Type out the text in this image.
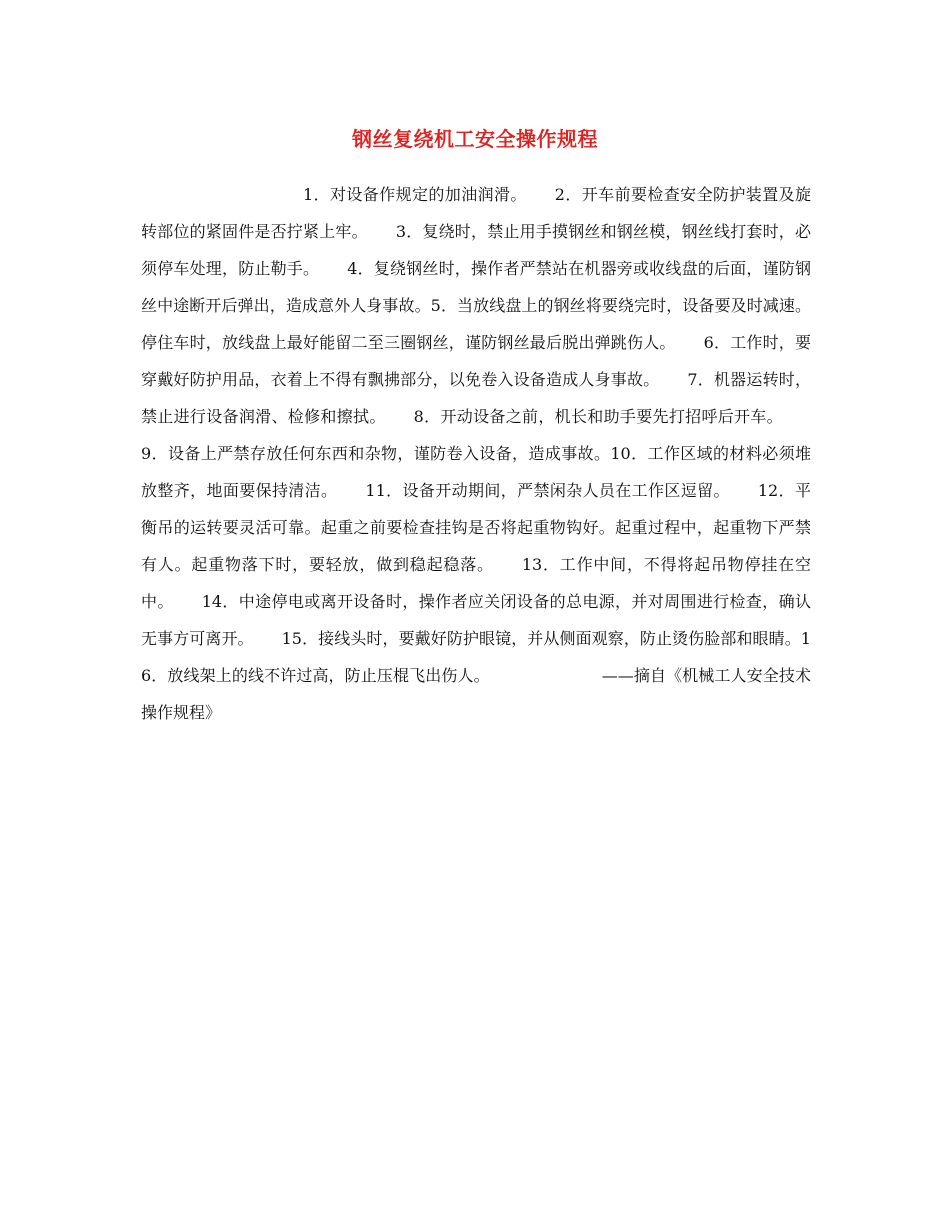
钢丝复绕机工安全操作规程

1．对设备作规定的加油润滑。 2．开车前要检查安全防护装置及旋转部位的紧固件是否拧紧上牢。 3．复绕时，禁止用手摸钢丝和钢丝模，钢丝线打套时，必须停车处理，防止勒手。 4．复绕钢丝时，操作者严禁站在机器旁或收线盘的后面，谨防钢丝中途断开后弹出，造成意外人身事故。5．当放线盘上的钢丝将要绕完时，设备要及时减速。停住车时，放线盘上最好能留二至三圈钢丝，谨防钢丝最后脱出弹跳伤人。 6．工作时，要穿戴好防护用品，衣着上不得有飘拂部分，以免卷入设备造成人身事故。 7．机器运转时，禁止进行设备润滑、检修和擦拭。 8．开动设备之前，机长和助手要先打招呼后开车。9．设备上严禁存放任何东西和杂物，谨防卷入设备，造成事故。10．工作区域的材料必须堆放整齐，地面要保持清洁。 11．设备开动期间，严禁闲杂人员在工作区逗留。 12．平衡吊的运转要灵活可靠。起重之前要检查挂钩是否将起重物钩好。起重过程中，起重物下严禁有人。起重物落下时，要轻放，做到稳起稳落。 13．工作中间，不得将起吊物停挂在空中。 14．中途停电或离开设备时，操作者应关闭设备的总电源，并对周围进行检查，确认无事方可离开。 15．接线头时，要戴好防护眼镜，并从侧面观察，防止烫伤脸部和眼睛。16．放线架上的线不许过高，防止压棍飞出伤人。	——摘自《机械工人安全技术操作规程》
